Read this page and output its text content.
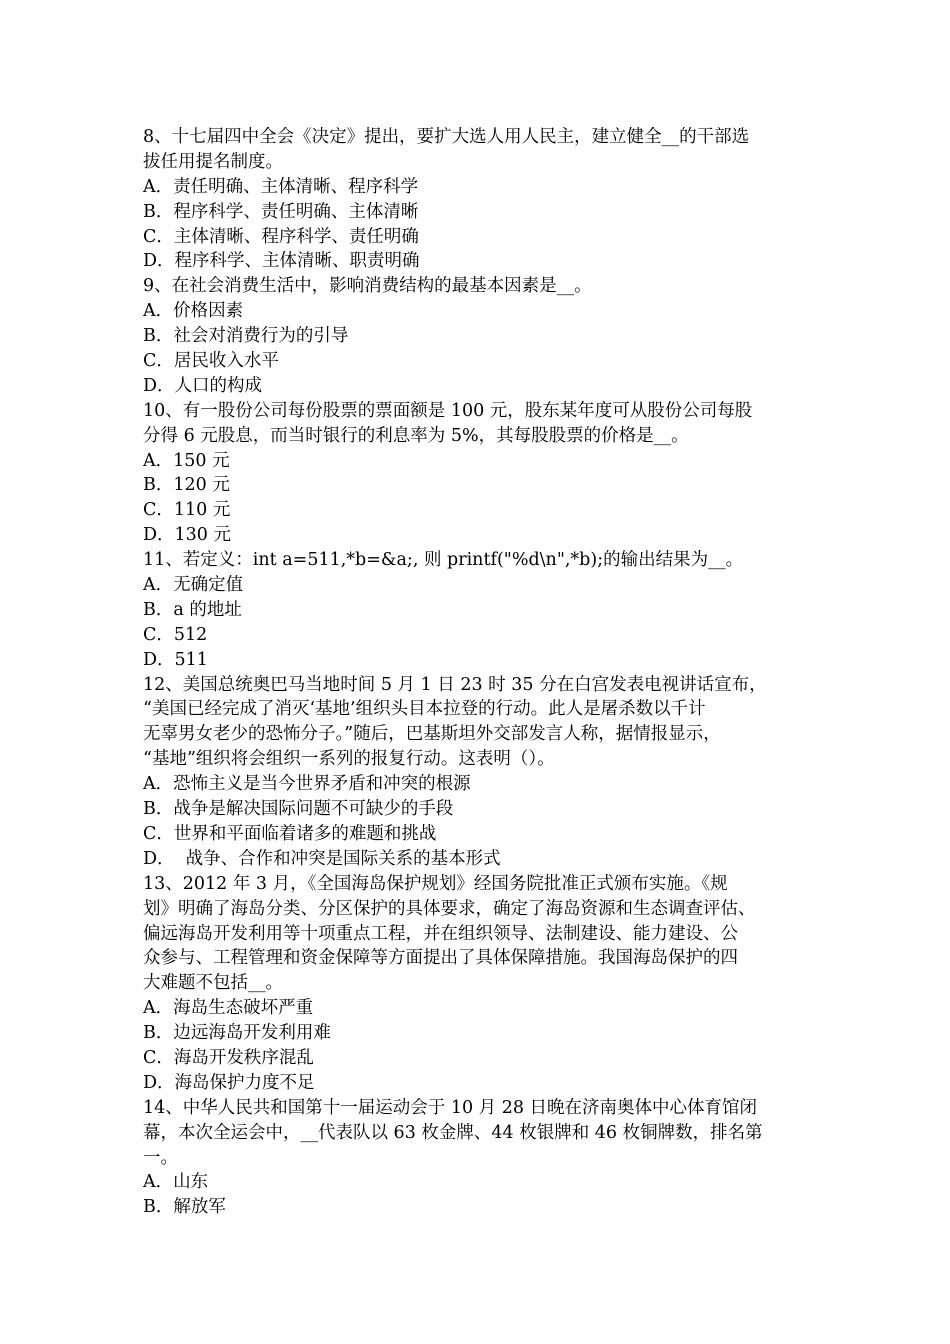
8、十七届四中全会《决定》提出，要扩大选人用人民主，建立健全__的干部选
拔任用提名制度。
A．责任明确、主体清晰、程序科学
B．程序科学、责任明确、主体清晰
C．主体清晰、程序科学、责任明确
D．程序科学、主体清晰、职责明确
9、在社会消费生活中，影响消费结构的最基本因素是__。
A．价格因素
B．社会对消费行为的引导
C．居民收入水平
D．人口的构成
10、有一股份公司每份股票的票面额是 100 元，股东某年度可从股份公司每股
分得 6 元股息，而当时银行的利息率为 5%，其每股股票的价格是__。
A．150 元
B．120 元
C．110 元
D．130 元
11、若定义：int a=511,*b=&a;, 则 printf("%d\n",*b);的输出结果为__。
A．无确定值
B．a 的地址
C．512
D．511
12、美国总统奥巴马当地时间 5 月 1 日 23 时 35 分在白宫发表电视讲话宣布，
“美国已经完成了消灭‘基地’组织头目本拉登的行动。此人是屠杀数以千计
无辜男女老少的恐怖分子。”随后，巴基斯坦外交部发言人称，据情报显示，
“基地”组织将会组织一系列的报复行动。这表明（）。
A．恐怖主义是当今世界矛盾和冲突的根源
B．战争是解决国际问题不可缺少的手段
C．世界和平面临着诸多的难题和挑战
D．  战争、合作和冲突是国际关系的基本形式
13、2012 年 3 月，《全国海岛保护规划》经国务院批准正式颁布实施。《规
划》明确了海岛分类、分区保护的具体要求，确定了海岛资源和生态调查评估、
偏远海岛开发利用等十项重点工程，并在组织领导、法制建设、能力建设、公
众参与、工程管理和资金保障等方面提出了具体保障措施。我国海岛保护的四
大难题不包括__。
A．海岛生态破坏严重
B．边远海岛开发利用难
C．海岛开发秩序混乱
D．海岛保护力度不足
14、中华人民共和国第十一届运动会于 10 月 28 日晚在济南奥体中心体育馆闭
幕，本次全运会中，__代表队以 63 枚金牌、44 枚银牌和 46 枚铜牌数，排名第
一。
A．山东
B．解放军
